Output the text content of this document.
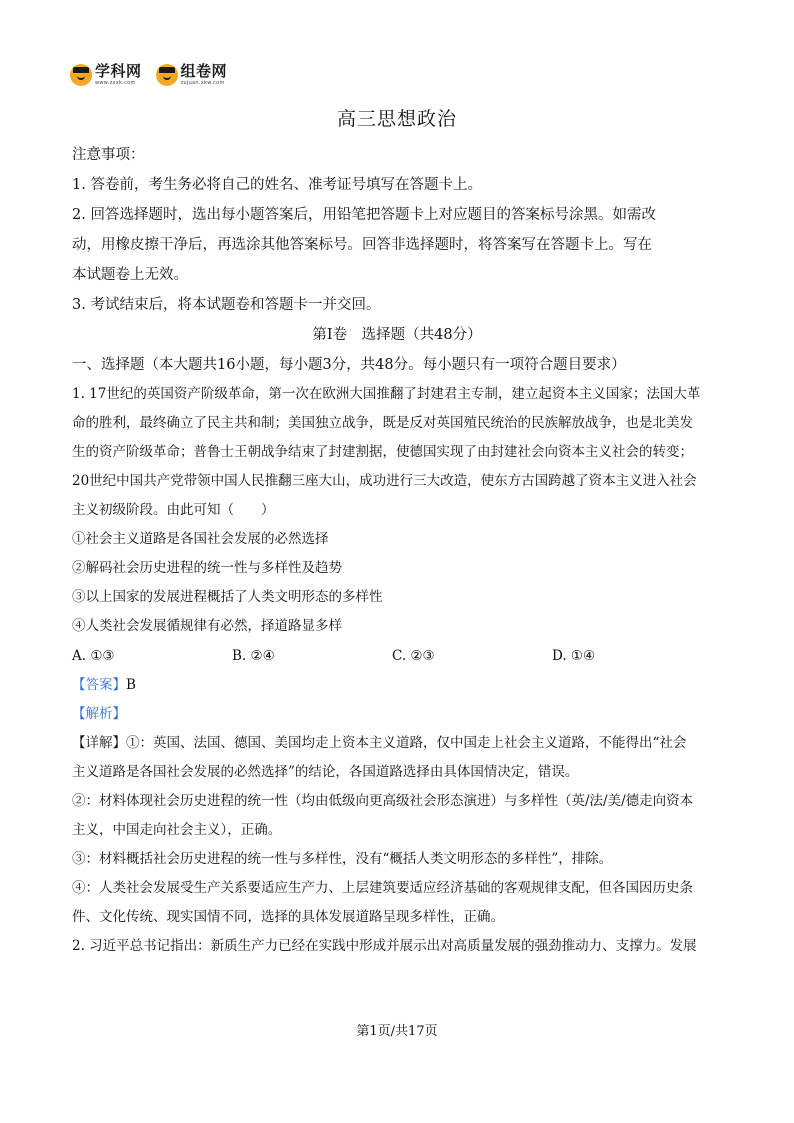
学科网
www.zxxk.com
组卷网
zujuan.xkw.com
高三思想政治
注意事项：
1. 答卷前，考生务必将自己的姓名、准考证号填写在答题卡上。
2. 回答选择题时，选出每小题答案后，用铅笔把答题卡上对应题目的答案标号涂黑。如需改
动，用橡皮擦干净后，再选涂其他答案标号。回答非选择题时，将答案写在答题卡上。写在
本试题卷上无效。
3. 考试结束后，将本试题卷和答题卡一并交回。
第Ⅰ卷　选择题（共48分）
一、选择题（本大题共16小题，每小题3分，共48分。每小题只有一项符合题目要求）
1. 17世纪的英国资产阶级革命，第一次在欧洲大国推翻了封建君主专制，建立起资本主义国家；法国大革
命的胜利，最终确立了民主共和制；美国独立战争，既是反对英国殖民统治的民族解放战争，也是北美发
生的资产阶级革命；普鲁士王朝战争结束了封建割据，使德国实现了由封建社会向资本主义社会的转变；
20世纪中国共产党带领中国人民推翻三座大山，成功进行三大改造，使东方古国跨越了资本主义进入社会
主义初级阶段。由此可知（　　）
①社会主义道路是各国社会发展的必然选择
②解码社会历史进程的统一性与多样性及趋势
③以上国家的发展进程概括了人类文明形态的多样性
④人类社会发展循规律有必然，择道路显多样
A. ①③	B. ②④	C. ②③	D. ①④
【答案】B
【解析】
【详解】①：英国、法国、德国、美国均走上资本主义道路，仅中国走上社会主义道路，不能得出“社会
主义道路是各国社会发展的必然选择”的结论，各国道路选择由具体国情决定，错误。
②：材料体现社会历史进程的统一性（均由低级向更高级社会形态演进）与多样性（英/法/美/德走向资本
主义，中国走向社会主义），正确。
③：材料概括社会历史进程的统一性与多样性，没有“概括人类文明形态的多样性”，排除。
④：人类社会发展受生产关系要适应生产力、上层建筑要适应经济基础的客观规律支配，但各国因历史条
件、文化传统、现实国情不同，选择的具体发展道路呈现多样性，正确。
2. 习近平总书记指出：新质生产力已经在实践中形成并展示出对高质量发展的强劲推动力、支撑力。发展
第1页/共17页
